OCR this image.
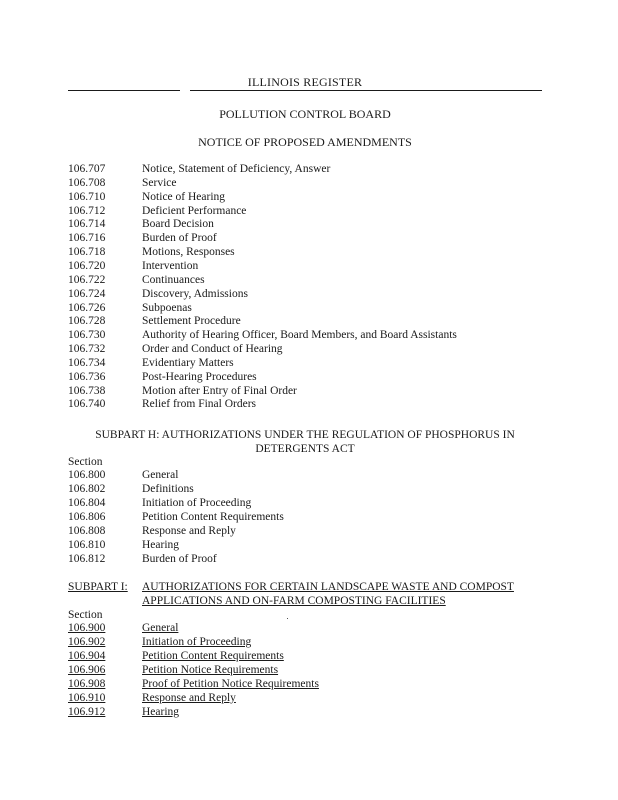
ILLINOIS REGISTER
POLLUTION CONTROL BOARD
NOTICE OF PROPOSED AMENDMENTS
106.707	Notice, Statement of Deficiency, Answer
106.708	Service
106.710	Notice of Hearing
106.712	Deficient Performance
106.714	Board Decision
106.716	Burden of Proof
106.718	Motions, Responses
106.720	Intervention
106.722	Continuances
106.724	Discovery, Admissions
106.726	Subpoenas
106.728	Settlement Procedure
106.730	Authority of Hearing Officer, Board Members, and Board Assistants
106.732	Order and Conduct of Hearing
106.734	Evidentiary Matters
106.736	Post-Hearing Procedures
106.738	Motion after Entry of Final Order
106.740	Relief from Final Orders
SUBPART H: AUTHORIZATIONS UNDER THE REGULATION OF PHOSPHORUS IN
DETERGENTS ACT
Section
106.800	General
106.802	Definitions
106.804	Initiation of Proceeding
106.806	Petition Content Requirements
106.808	Response and Reply
106.810	Hearing
106.812	Burden of Proof
SUBPART I: AUTHORIZATIONS FOR CERTAIN LANDSCAPE WASTE AND COMPOST
APPLICATIONS AND ON-FARM COMPOSTING FACILITIES
Section
106.900	General
106.902	Initiation of Proceeding
106.904	Petition Content Requirements
106.906	Petition Notice Requirements
106.908	Proof of Petition Notice Requirements
106.910	Response and Reply
106.912	Hearing
